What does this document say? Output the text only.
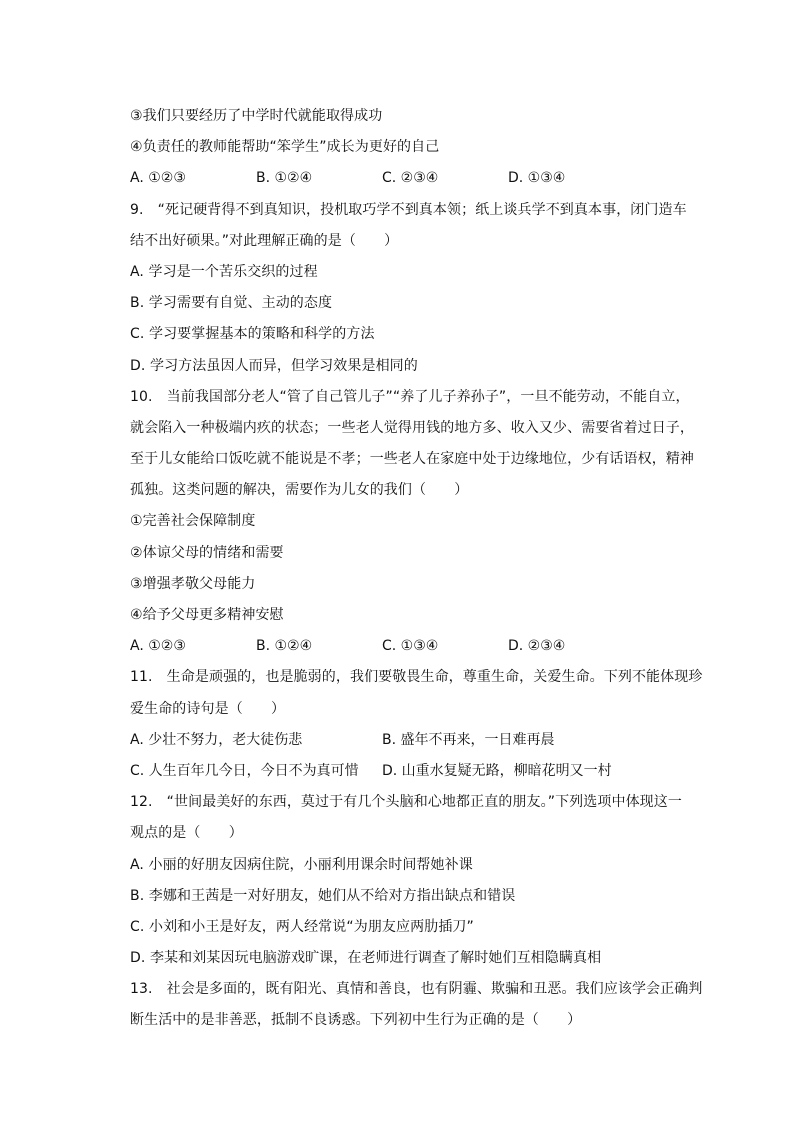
③我们只要经历了中学时代就能取得成功
④负责任的教师能帮助“笨学生”成长为更好的自己
A. ①②③	B. ①②④	C. ②③④	D. ①③④
9.　“死记硬背得不到真知识，投机取巧学不到真本领；纸上谈兵学不到真本事，闭门造车
结不出好硕果。”对此理解正确的是（　　）
A. 学习是一个苦乐交织的过程
B. 学习需要有自觉、主动的态度
C. 学习要掌握基本的策略和科学的方法
D. 学习方法虽因人而异，但学习效果是相同的
10.　当前我国部分老人“管了自己管儿子”“养了儿子养孙子”，一旦不能劳动，不能自立，
就会陷入一种极端内疚的状态；一些老人觉得用钱的地方多、收入又少、需要省着过日子，
至于儿女能给口饭吃就不能说是不孝；一些老人在家庭中处于边缘地位，少有话语权，精神
孤独。这类问题的解决，需要作为儿女的我们（　　）
①完善社会保障制度
②体谅父母的情绪和需要
③增强孝敬父母能力
④给予父母更多精神安慰
A. ①②③	B. ①②④	C. ①③④	D. ②③④
11.　生命是顽强的，也是脆弱的，我们要敬畏生命，尊重生命，关爱生命。下列不能体现珍
爱生命的诗句是（　　）
A. 少壮不努力，老大徒伤悲	B. 盛年不再来，一日难再晨
C. 人生百年几今日，今日不为真可惜	D. 山重水复疑无路，柳暗花明又一村
12.　“世间最美好的东西，莫过于有几个头脑和心地都正直的朋友。”下列选项中体现这一
观点的是（　　）
A. 小丽的好朋友因病住院，小丽利用课余时间帮她补课
B. 李娜和王茜是一对好朋友，她们从不给对方指出缺点和错误
C. 小刘和小王是好友，两人经常说“为朋友应两肋插刀”
D. 李某和刘某因玩电脑游戏旷课，在老师进行调查了解时她们互相隐瞒真相
13.　社会是多面的，既有阳光、真情和善良，也有阴霾、欺骗和丑恶。我们应该学会正确判
断生活中的是非善恶，抵制不良诱惑。下列初中生行为正确的是（　　）
